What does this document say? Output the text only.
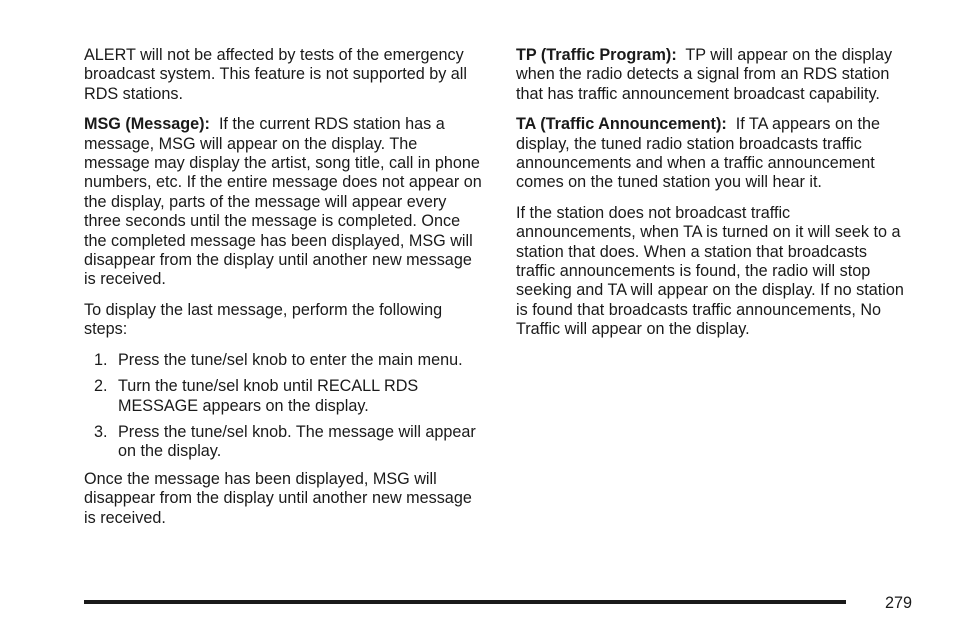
ALERT will not be affected by tests of the emergency broadcast system. This feature is not supported by all RDS stations.

MSG (Message): If the current RDS station has a message, MSG will appear on the display. The message may display the artist, song title, call in phone numbers, etc. If the entire message does not appear on the display, parts of the message will appear every three seconds until the message is completed. Once the completed message has been displayed, MSG will disappear from the display until another new message is received.

To display the last message, perform the following steps:

1. Press the tune/sel knob to enter the main menu.
2. Turn the tune/sel knob until RECALL RDS MESSAGE appears on the display.
3. Press the tune/sel knob. The message will appear on the display.

Once the message has been displayed, MSG will disappear from the display until another new message is received.

TP (Traffic Program): TP will appear on the display when the radio detects a signal from an RDS station that has traffic announcement broadcast capability.

TA (Traffic Announcement): If TA appears on the display, the tuned radio station broadcasts traffic announcements and when a traffic announcement comes on the tuned station you will hear it.

If the station does not broadcast traffic announcements, when TA is turned on it will seek to a station that does. When a station that broadcasts traffic announcements is found, the radio will stop seeking and TA will appear on the display. If no station is found that broadcasts traffic announcements, No Traffic will appear on the display.

279
